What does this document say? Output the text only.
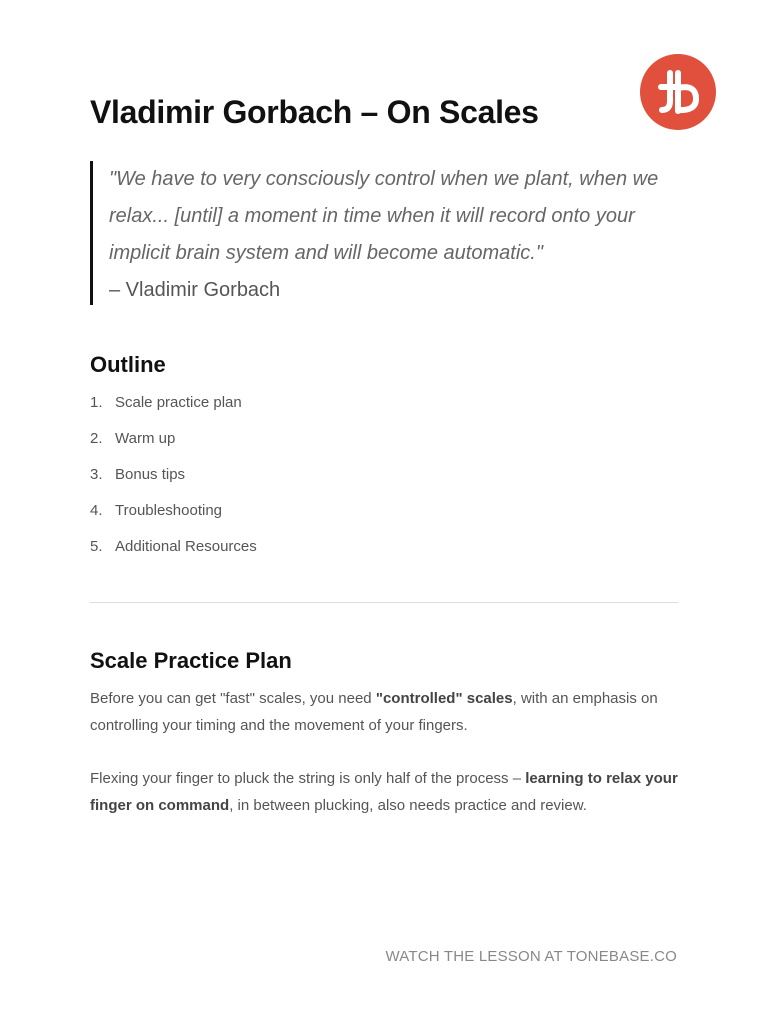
Vladimir Gorbach – On Scales

"We have to very consciously control when we plant, when we relax... [until] a moment in time when it will record onto your implicit brain system and will become automatic."

– Vladimir Gorbach

Outline
1. Scale practice plan
2. Warm up
3. Bonus tips
4. Troubleshooting
5. Additional Resources
Scale Practice Plan

Before you can get "fast" scales, you need "controlled" scales, with an emphasis on controlling your timing and the movement of your fingers.

Flexing your finger to pluck the string is only half of the process – learning to relax your finger on command, in between plucking, also needs practice and review.

WATCH THE LESSON AT TONEBASE.CO
